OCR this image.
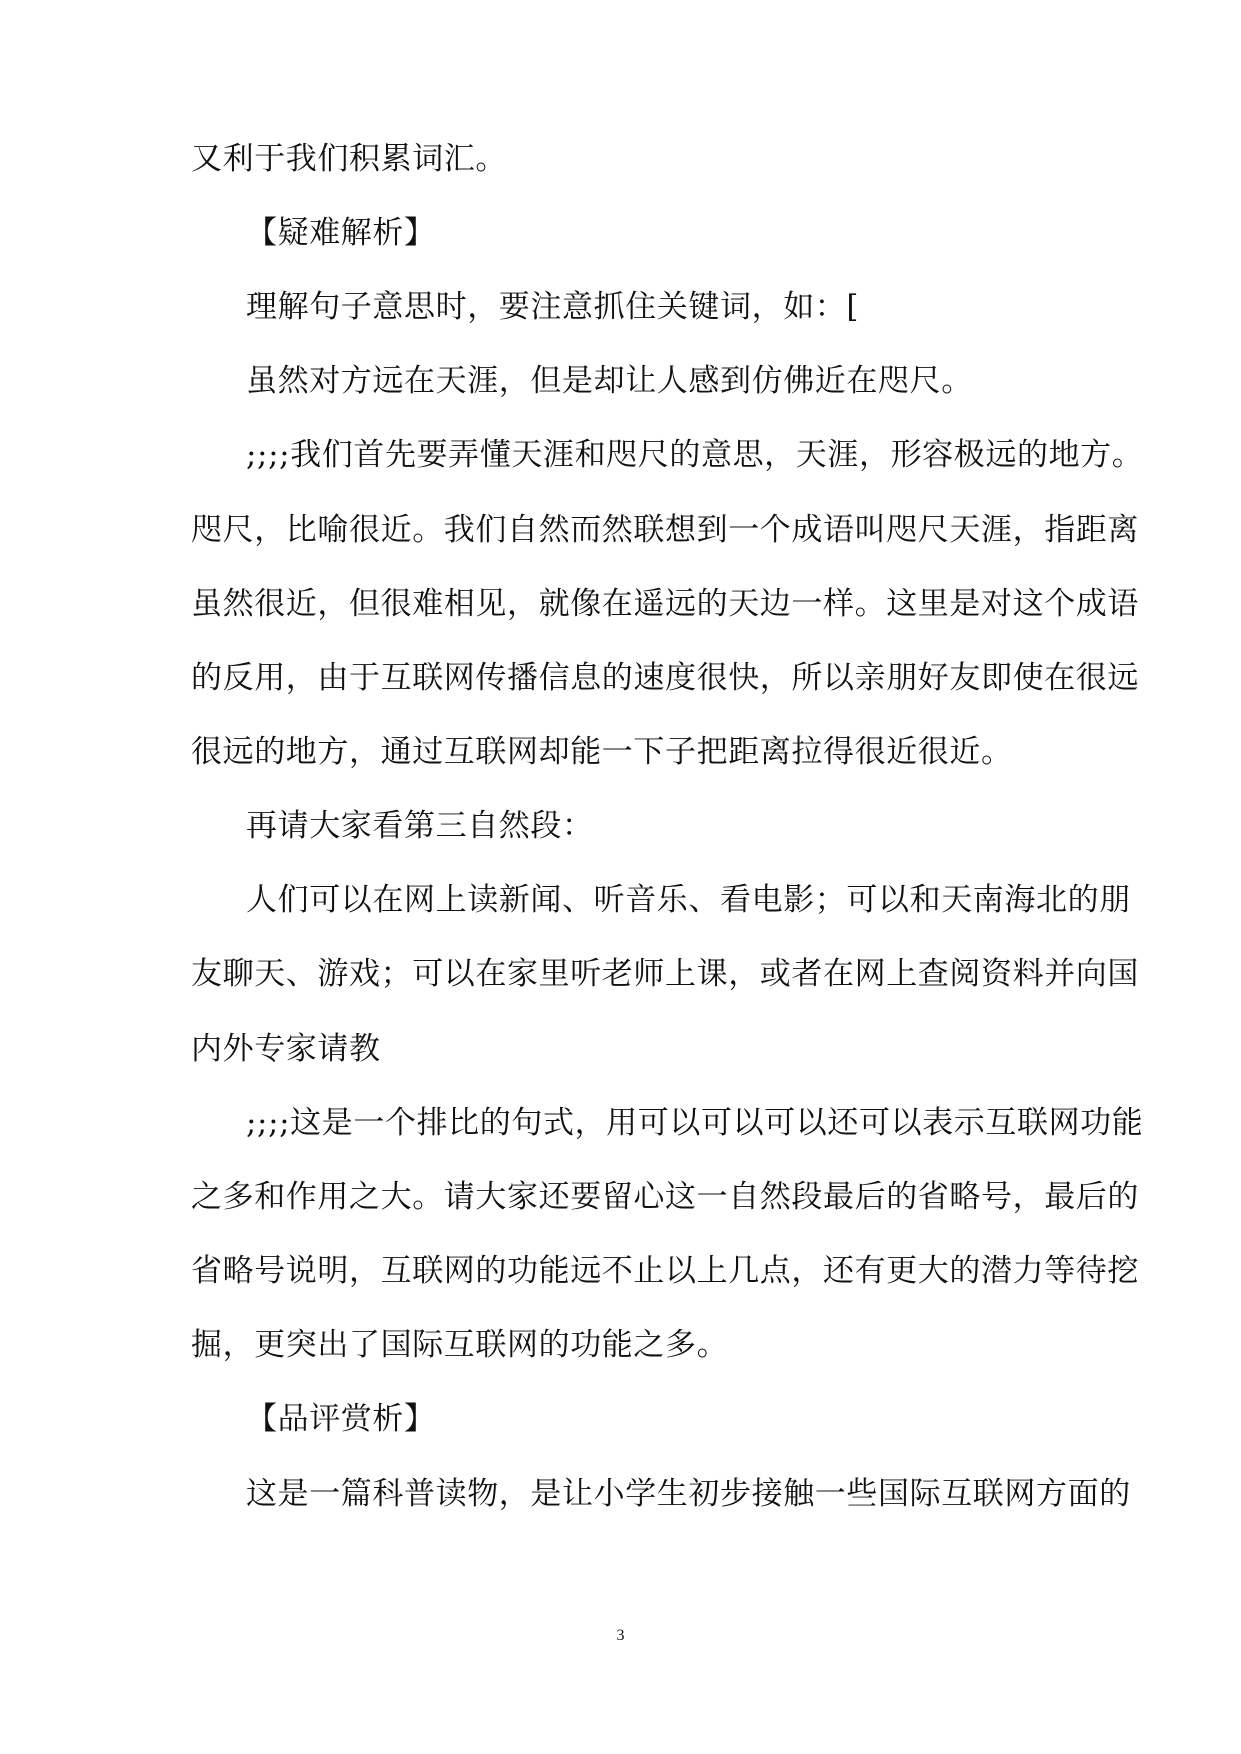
又利于我们积累词汇。
【疑难解析】
理解句子意思时，要注意抓住关键词，如：[
虽然对方远在天涯，但是却让人感到仿佛近在咫尺。
;;;;我们首先要弄懂天涯和咫尺的意思，天涯，形容极远的地方。
咫尺，比喻很近。我们自然而然联想到一个成语叫咫尺天涯，指距离
虽然很近，但很难相见，就像在遥远的天边一样。这里是对这个成语
的反用，由于互联网传播信息的速度很快，所以亲朋好友即使在很远
很远的地方，通过互联网却能一下子把距离拉得很近很近。
再请大家看第三自然段：
人们可以在网上读新闻、听音乐、看电影；可以和天南海北的朋
友聊天、游戏；可以在家里听老师上课，或者在网上查阅资料并向国
内外专家请教
;;;;这是一个排比的句式，用可以可以可以还可以表示互联网功能
之多和作用之大。请大家还要留心这一自然段最后的省略号，最后的
省略号说明，互联网的功能远不止以上几点，还有更大的潜力等待挖
掘，更突出了国际互联网的功能之多。
【品评赏析】
这是一篇科普读物，是让小学生初步接触一些国际互联网方面的
3
